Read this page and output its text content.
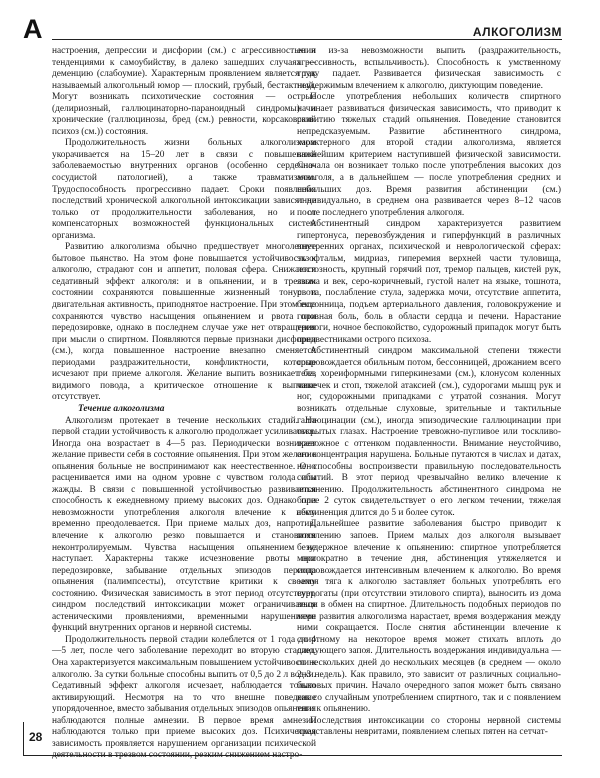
А	АЛКОГОЛИЗМ

настроения, депрессии и дисфории (см.) с агрессивностью и тенденциями к самоубийству, в далеко зашедших случаях — деменцию (слабоумие). Характерным проявлением является так называемый алкогольный юмор — плоский, грубый, бестактный. Могут возникать психотические состояния — острые (делириозный, галлюцинаторно-параноидный синдромы) и хронические (галлюцинозы, бред (см.) ревности, корсаковский психоз (см.)) состояния.

Продолжительность жизни больных алкоголизмом укорачивается на 15–20 лет в связи с повышенной заболеваемостью внутренних органов (особенно сердечно-сосудистой патологией), а также травматизмом. Трудоспособность прогрессивно падает. Сроки появления последствий хронической алкогольной интоксикации зависят не только от продолжительности заболевания, но и от компенсаторных возможностей функциональных систем организма.

Развитию алкоголизма обычно предшествует многолетнее бытовое пьянство. На этом фоне повышается устойчивость к алкоголю, страдают сон и аппетит, половая сфера. Снижается седативный эффект алкоголя: и в опьянении, и в трезвом состоянии сохраняются повышенные жизненный тонус и двигательная активность, приподнятое настроение. При этом еще сохраняются чувство насыщения опьянением и рвота при передозировке, однако в последнем случае уже нет отвращения при мысли о спиртном. Появляются первые признаки дисфории (см.), когда повышенное настроение внезапно сменяется периодами раздражительности, конфликтности, которые исчезают при приеме алкоголя. Желание выпить возникает без видимого повода, а критическое отношение к выпивке отсутствует.

Течение алкоголизма

Алкоголизм протекает в течение нескольких стадий. На первой стадии устойчивость к алкоголю продолжает усиливаться. Иногда она возрастает в 4—5 раз. Периодически возникает желание привести себя в состояние опьянения. При этом желание опьянения больные не воспринимают как неестественное. Оно расценивается ими на одном уровне с чувством голода или жажды. В связи с повышенной устойчивостью развивается способность к ежедневному приему высоких доз. Однако при невозможности употребления алкоголя влечение к нему временно преодолевается. При приеме малых доз, напротив, влечение к алкоголю резко повышается и становится неконтролируемым. Чувства насыщения опьянением не наступает. Характерны также исчезновение рвоты при передозировке, забывание отдельных эпизодов периода опьянения (палимпсесты), отсутствие критики к своему состоянию. Физическая зависимость в этот период отсутствует, синдром последствий интоксикации может ограничиваться астеническими проявлениями, временными нарушениями функций внутренних органов и нервной системы.

Продолжительность первой стадии колеблется от 1 года до 4—5 лет, после чего заболевание переходит во вторую стадию. Она характеризуется максимальным повышением устойчивости к алкоголю. За сутки больные способны выпить от 0,5 до 2 л водки. Седативный эффект алкоголя исчезает, наблюдается только активирующий. Несмотря на то что внешне поведение упорядоченное, вместо забывания отдельных эпизодов опьянения наблюдаются полные амнезии. В первое время амнезии наблюдаются только при приеме высоких доз. Психическая зависимость проявляется нарушением организации психической деятельности в трезвом состоянии, резким снижением настро-

ения из-за невозможности выпить (раздражительность, агрессивность, вспыльчивость). Способность к умственному труду падает. Развивается физическая зависимость с неудержимым влечением к алкоголю, диктующим поведение.

После употребления небольших количеств спиртного начинает развиваться физическая зависимость, что приводит к развитию тяжелых стадий опьянения. Поведение становится непредсказуемым. Развитие абстинентного синдрома, характерного для второй стадии алкоголизма, является важнейшим критерием наступившей физической зависимости. Сначала он возникает только после употребления высоких доз алкоголя, а в дальнейшем — после употребления средних и небольших доз. Время развития абстиненции (см.) индивидуально, в среднем она развивается через 8–12 часов после последнего употребления алкоголя.

Абстинентный синдром характеризуется развитием гипертонуса, перевозбуждения и гиперфункций в различных внутренних органах, психической и неврологической сферах: экзофтальм, мидриаз, гиперемия верхней части туловища, пастозность, крупный горячий пот, тремор пальцев, кистей рук, языка и век, серо-коричневый, густой налет на языке, тошнота, рвота, послабление стула, задержка мочи, отсутствие аппетита, бессонница, подъем артериального давления, головокружение и головная боль, боль в области сердца и печени. Нарастание тревоги, ночное беспокойство, судорожный припадок могут быть предвестниками острого психоза.

Абстинентный синдром максимальной степени тяжести сопровождается обильным потом, бессонницей, дрожанием всего тела, хореиформными гиперкинезами (см.), клонусом коленных чашечек и стоп, тяжелой атаксией (см.), судорогами мышц рук и ног, судорожными припадками с утратой сознания. Могут возникать отдельные слуховые, зрительные и тактильные галлюцинации (см.), иногда эпизодические галлюцинации при открытых глазах. Настроение тревожно-пугливое или тоскливо-тревожное с оттенком подавленности. Внимание неустойчиво, его концентрация нарушена. Больные путаются в числах и датах, не способны воспроизвести правильную последовательность событий. В этот период чрезвычайно велико влечение к опьянению. Продолжительность абстинентного синдрома не более 2 суток свидетельствует о его легком течении, тяжелая абстиненция длится до 5 и более суток.

Дальнейшее развитие заболевания быстро приводит к появлению запоев. Прием малых доз алкоголя вызывает безудержное влечение к опьянению: спиртное употребляется многократно в течение дня, абстиненция утяжеляется и сопровождается интенсивным влечением к алкоголю. Во время запоя тяга к алкоголю заставляет больных употреблять его суррогаты (при отсутствии этилового спирта), выносить из дома вещи в обмен на спиртное. Длительность подобных периодов по мере развития алкоголизма нарастает, время воздержания между ними сокращается. После снятия абстиненции влечение к спиртному на некоторое время может стихать вплоть до следующего запоя. Длительность воздержания индивидуальна — от нескольких дней до нескольких месяцев (в среднем — около 2–3 недель). Как правило, это зависит от различных социально-бытовых причин. Начало очередного запоя может быть связано как со случайным употреблением спиртного, так и с появлением тяги к опьянению.

Последствия интоксикации со стороны нервной системы представлены невритами, появлением слепых пятен на сетчат-

28
